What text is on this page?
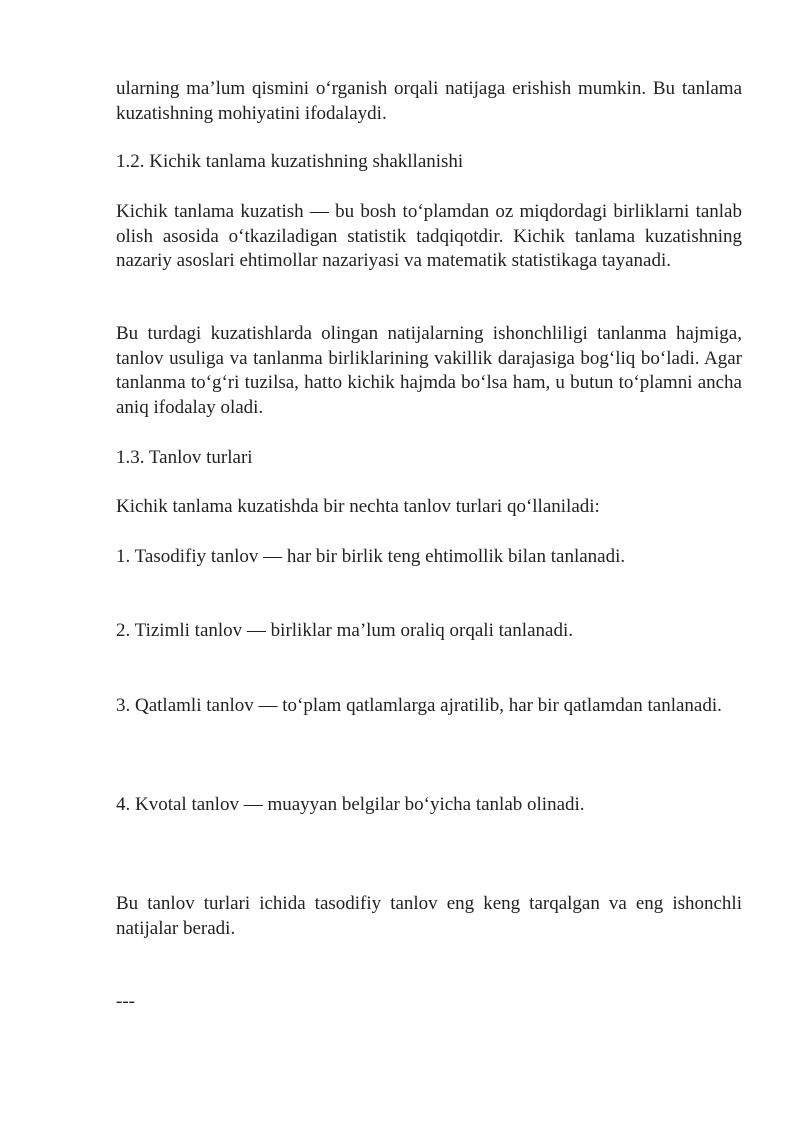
ularning ma’lum qismini o‘rganish orqali natijaga erishish mumkin. Bu tanlama kuzatishning mohiyatini ifodalaydi.

1.2. Kichik tanlama kuzatishning shakllanishi

Kichik tanlama kuzatish — bu bosh to‘plamdan oz miqdordagi birliklarni tanlab olish asosida o‘tkaziladigan statistik tadqiqotdir. Kichik tanlama kuzatishning nazariy asoslari ehtimollar nazariyasi va matematik statistikaga tayanadi.

Bu turdagi kuzatishlarda olingan natijalarning ishonchliligi tanlanma hajmiga, tanlov usuliga va tanlanma birliklarining vakillik darajasiga bog‘liq bo‘ladi. Agar tanlanma to‘g‘ri tuzilsa, hatto kichik hajmda bo‘lsa ham, u butun to‘plamni ancha aniq ifodalay oladi.

1.3. Tanlov turlari

Kichik tanlama kuzatishda bir nechta tanlov turlari qo‘llaniladi:

1. Tasodifiy tanlov — har bir birlik teng ehtimollik bilan tanlanadi.

2. Tizimli tanlov — birliklar ma’lum oraliq orqali tanlanadi.

3. Qatlamli tanlov — to‘plam qatlamlarga ajratilib, har bir qatlamdan tanlanadi.

4. Kvotal tanlov — muayyan belgilar bo‘yicha tanlab olinadi.

Bu tanlov turlari ichida tasodifiy tanlov eng keng tarqalgan va eng ishonchli natijalar beradi.

---
